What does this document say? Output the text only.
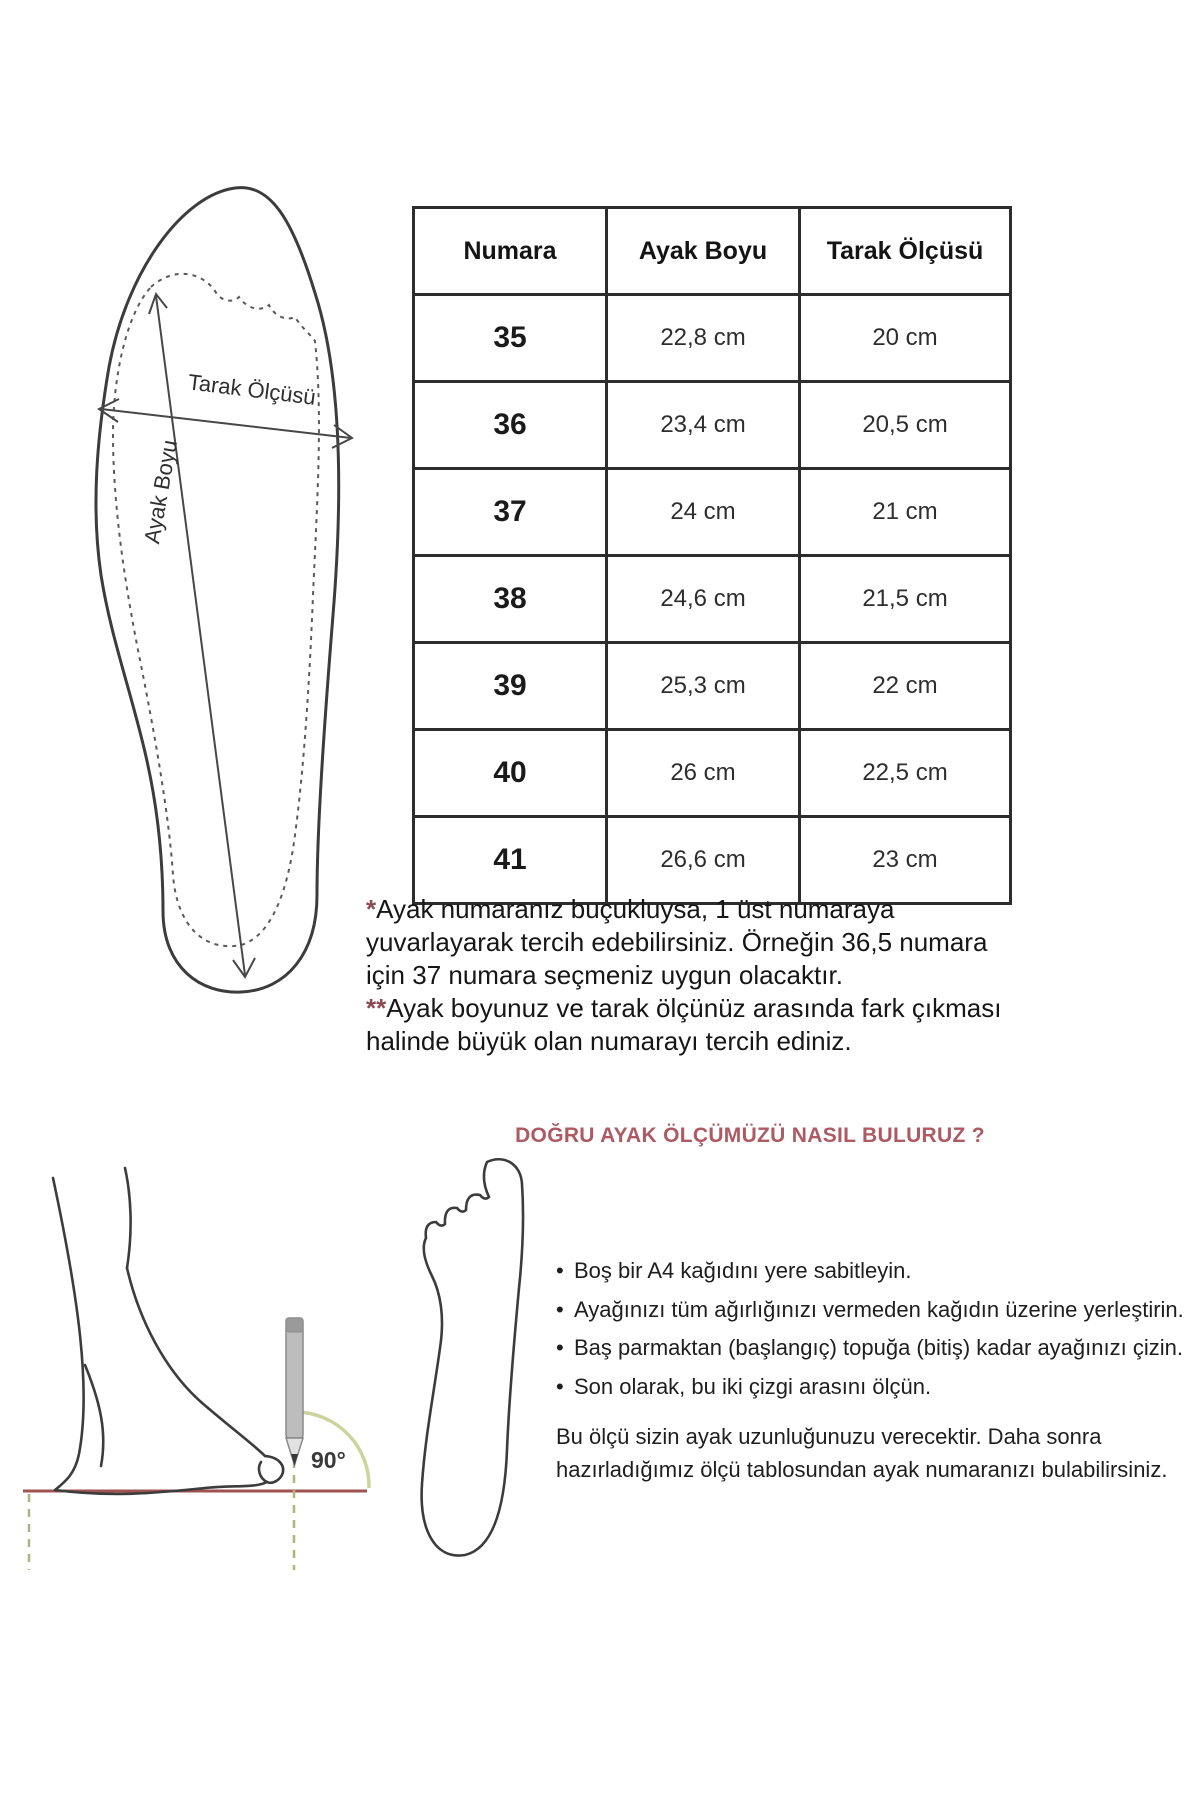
Tarak Ölçüsü
Ayak Boyu
Numara	Ayak Boyu	Tarak Ölçüsü
35	22,8 cm	20 cm
36	23,4 cm	20,5 cm
37	24 cm	21 cm
38	24,6 cm	21,5 cm
39	25,3 cm	22 cm
40	26 cm	22,5 cm
41	26,6 cm	23 cm

*Ayak numaranız buçukluysa, 1 üst numaraya yuvarlayarak tercih edebilirsiniz. Örneğin 36,5 numara için 37 numara seçmeniz uygun olacaktır.

**Ayak boyunuz ve tarak ölçünüz arasında fark çıkması halinde büyük olan numarayı tercih ediniz.

DOĞRU AYAK ÖLÇÜMÜZÜ NASIL BULURUZ ?
90°
• Boş bir A4 kağıdını yere sabitleyin.
• Ayağınızı tüm ağırlığınızı vermeden kağıdın üzerine yerleştirin.
• Baş parmaktan (başlangıç) topuğa (bitiş) kadar ayağınızı çizin.
• Son olarak, bu iki çizgi arasını ölçün.
Bu ölçü sizin ayak uzunluğunuzu verecektir. Daha sonra hazırladığımız ölçü tablosundan ayak numaranızı bulabilirsiniz.
